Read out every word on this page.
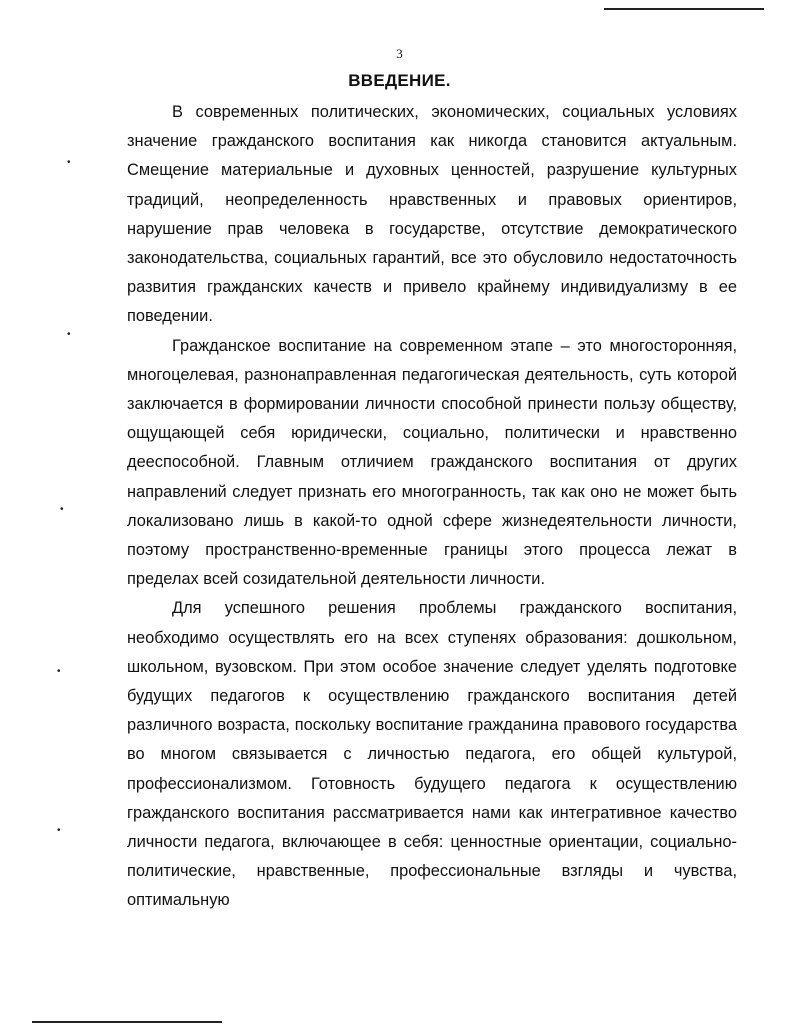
3
ВВЕДЕНИЕ.

В современных политических, экономических, социальных условиях значение гражданского воспитания как никогда становится актуальным. Смещение материальные и духовных ценностей, разрушение культурных традиций, неопределенность нравственных и правовых ориентиров, нарушение прав человека в государстве, отсутствие демократического законодательства, социальных гарантий, все это обусловило недостаточность развития гражданских качеств и привело крайнему индивидуализму в ее поведении.

Гражданское воспитание на современном этапе – это многосторонняя, многоцелевая, разнонаправленная педагогическая деятельность, суть которой заключается в формировании личности способной принести пользу обществу, ощущающей себя юридически, социально, политически и нравственно дееспособной. Главным отличием гражданского воспитания от других направлений следует признать его многогранность, так как оно не может быть локализовано лишь в какой-то одной сфере жизнедеятельности личности, поэтому пространственно-временные границы этого процесса лежат в пределах всей созидательной деятельности личности.

Для успешного решения проблемы гражданского воспитания, необходимо осуществлять его на всех ступенях образования: дошкольном, школьном, вузовском. При этом особое значение следует уделять подготовке будущих педагогов к осуществлению гражданского воспитания детей различного возраста, поскольку воспитание гражданина правового государства во многом связывается с личностью педагога, его общей культурой, профессионализмом. Готовность будущего педагога к осуществлению гражданского воспитания рассматривается нами как интегративное качество личности педагога, включающее в себя: ценностные ориентации, социально-политические, нравственные, профессиональные взгляды и чувства, оптимальную

•
•
•
•
•
